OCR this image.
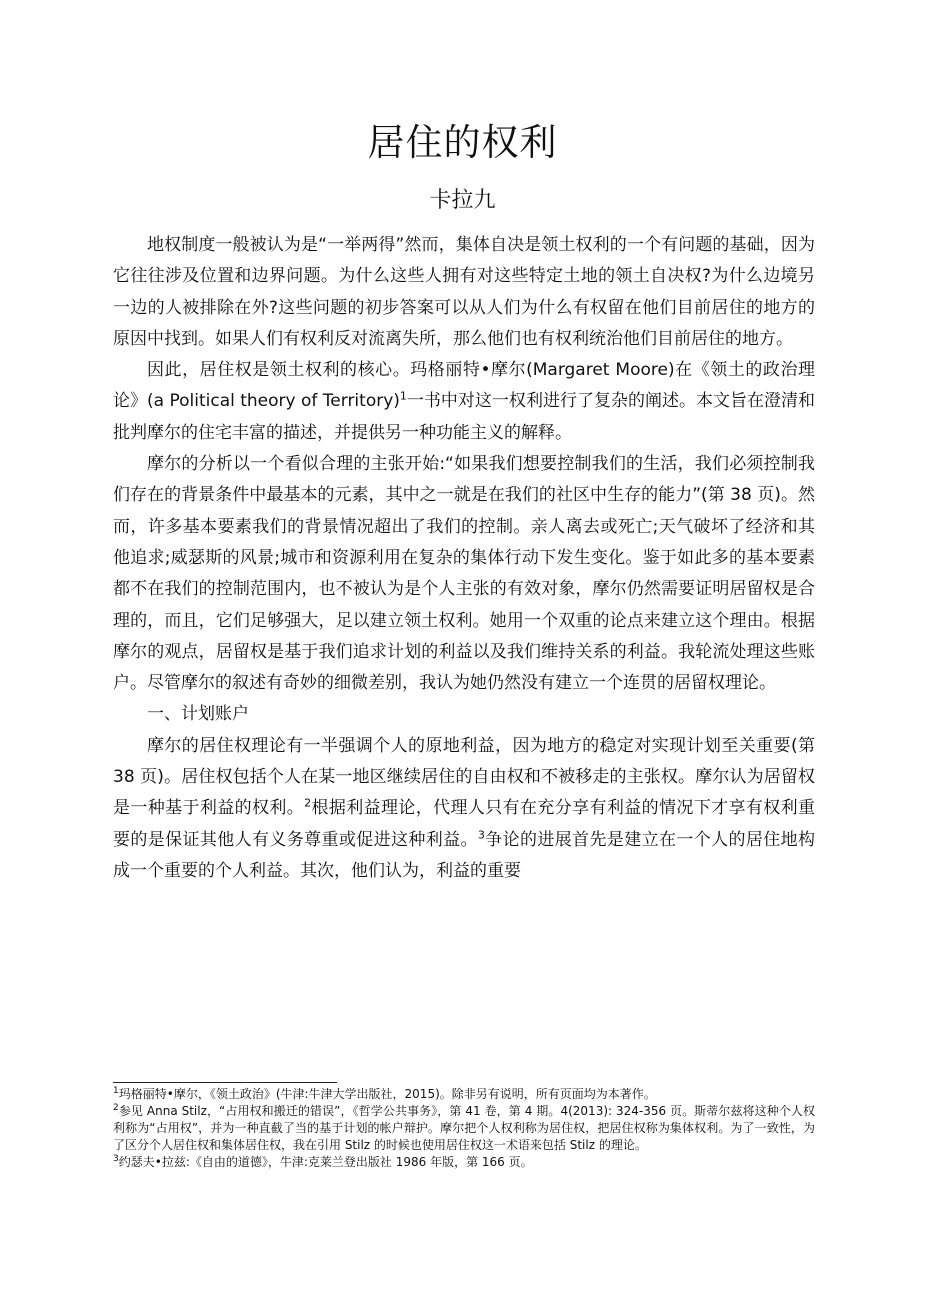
居住的权利
卡拉九

地权制度一般被认为是“一举两得”然而，集体自决是领土权利的一个有问题的基础，因为它往往涉及位置和边界问题。为什么这些人拥有对这些特定土地的领土自决权?为什么边境另一边的人被排除在外?这些问题的初步答案可以从人们为什么有权留在他们目前居住的地方的原因中找到。如果人们有权利反对流离失所，那么他们也有权利统治他们目前居住的地方。

因此，居住权是领土权利的核心。玛格丽特•摩尔(Margaret Moore)在《领土的政治理论》(a Political theory of Territory)$^1$一书中对这一权利进行了复杂的阐述。本文旨在澄清和批判摩尔的住宅丰富的描述，并提供另一种功能主义的解释。

摩尔的分析以一个看似合理的主张开始:“如果我们想要控制我们的生活，我们必须控制我们存在的背景条件中最基本的元素，其中之一就是在我们的社区中生存的能力”(第 38 页)。然而，许多基本要素我们的背景情况超出了我们的控制。亲人离去或死亡;天气破坏了经济和其他追求;威瑟斯的风景;城市和资源利用在复杂的集体行动下发生变化。鉴于如此多的基本要素都不在我们的控制范围内，也不被认为是个人主张的有效对象，摩尔仍然需要证明居留权是合理的，而且，它们足够强大，足以建立领土权利。她用一个双重的论点来建立这个理由。根据摩尔的观点，居留权是基于我们追求计划的利益以及我们维持关系的利益。我轮流处理这些账户。尽管摩尔的叙述有奇妙的细微差别，我认为她仍然没有建立一个连贯的居留权理论。

一、计划账户

摩尔的居住权理论有一半强调个人的原地利益，因为地方的稳定对实现计划至关重要(第 38 页)。居住权包括个人在某一地区继续居住的自由权和不被移走的主张权。摩尔认为居留权是一种基于利益的权利。$^2$根据利益理论，代理人只有在充分享有利益的情况下才享有权利重要的是保证其他人有义务尊重或促进这种利益。$^3$争论的进展首先是建立在一个人的居住地构成一个重要的个人利益。其次，他们认为，利益的重要

$^1$玛格丽特•摩尔，《领土政治》(牛津:牛津大学出版社，2015)。除非另有说明，所有页面均为本著作。

$^2$参见 Anna Stilz，“占用权和搬迁的错误”，《哲学公共事务》，第 41 卷，第 4 期。4(2013): 324-356 页。斯蒂尔兹将这种个人权利称为“占用权”，并为一种直截了当的基于计划的帐户辩护。摩尔把个人权利称为居住权，把居住权称为集体权利。为了一致性，为了区分个人居住权和集体居住权，我在引用 Stilz 的时候也使用居住权这一术语来包括 Stilz 的理论。

$^3$约瑟夫•拉兹:《自由的道德》，牛津:克莱兰登出版社 1986 年版，第 166 页。
